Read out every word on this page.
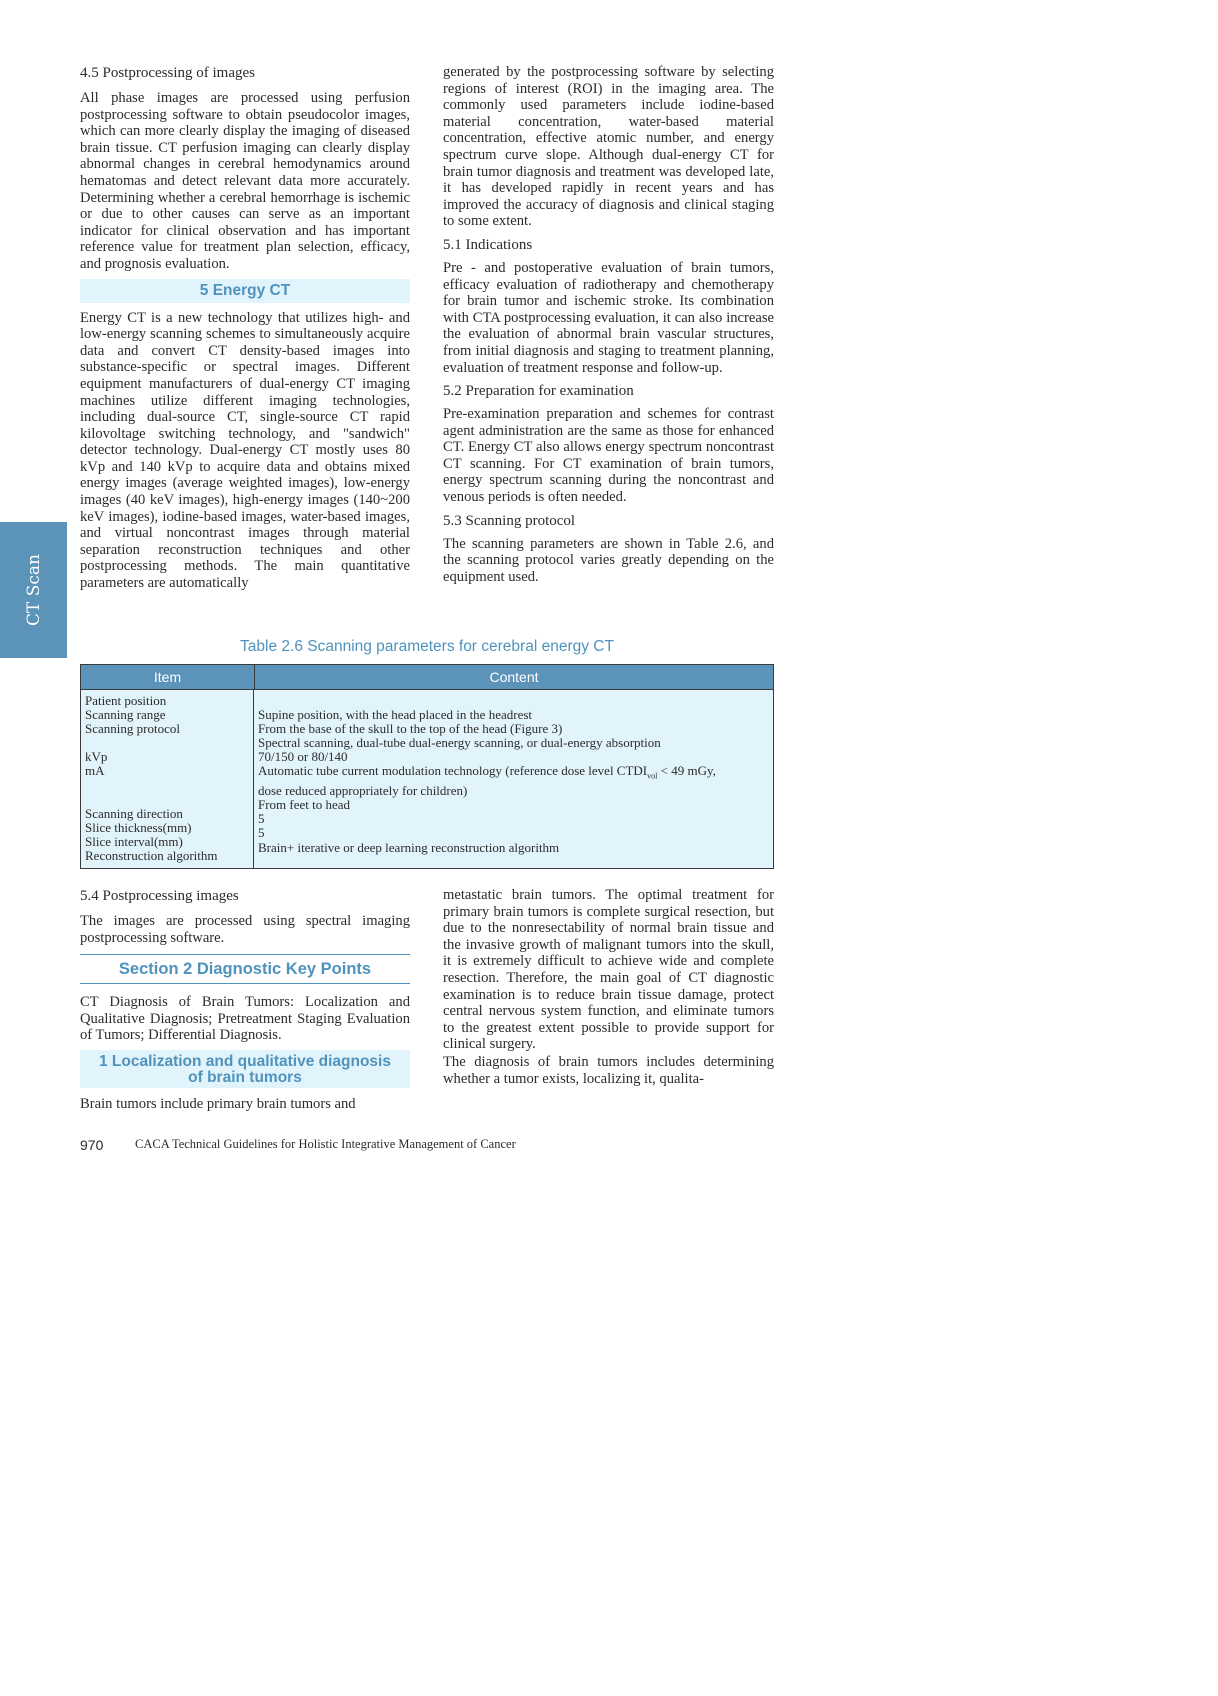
CT Scan

4.5 Postprocessing of images

All phase images are processed using perfusion postprocessing software to obtain pseudocolor images, which can more clearly display the imaging of diseased brain tissue. CT perfusion imaging can clearly display abnormal changes in cerebral hemodynamics around hematomas and detect relevant data more accurately. Determining whether a cerebral hemorrhage is ischemic or due to other causes can serve as an important indicator for clinical observation and has important reference value for treatment plan selection, efficacy, and prognosis evaluation.

5 Energy CT

Energy CT is a new technology that utilizes high- and low-energy scanning schemes to simultaneously acquire data and convert CT density-based images into substance-specific or spectral images. Different equipment manufacturers of dual-energy CT imaging machines utilize different imaging technologies, including dual-source CT, single-source CT rapid kilovoltage switching technology, and "sandwich" detector technology. Dual-energy CT mostly uses 80 kVp and 140 kVp to acquire data and obtains mixed energy images (average weighted images), low-energy images (40 keV images), high-energy images (140~200 keV images), iodine-based images, water-based images, and virtual noncontrast images through material separation reconstruction techniques and other postprocessing methods. The main quantitative parameters are automatically

generated by the postprocessing software by selecting regions of interest (ROI) in the imaging area. The commonly used parameters include iodine-based material concentration, water-based material concentration, effective atomic number, and energy spectrum curve slope. Although dual-energy CT for brain tumor diagnosis and treatment was developed late, it has developed rapidly in recent years and has improved the accuracy of diagnosis and clinical staging to some extent.

5.1 Indications

Pre - and postoperative evaluation of brain tumors, efficacy evaluation of radiotherapy and chemotherapy for brain tumor and ischemic stroke. Its combination with CTA postprocessing evaluation, it can also increase the evaluation of abnormal brain vascular structures, from initial diagnosis and staging to treatment planning, evaluation of treatment response and follow-up.

5.2 Preparation for examination

Pre-examination preparation and schemes for contrast agent administration are the same as those for enhanced CT. Energy CT also allows energy spectrum noncontrast CT scanning. For CT examination of brain tumors, energy spectrum scanning during the noncontrast and venous periods is often needed.

5.3 Scanning protocol

The scanning parameters are shown in Table 2.6, and the scanning protocol varies greatly depending on the equipment used.

Table 2.6 Scanning parameters for cerebral energy CT
Item	Content
Patient position
Scanning range
Scanning protocol

kVp
mA

Scanning direction
Slice thickness(mm)
Slice interval(mm)
Reconstruction algorithm

Supine position, with the head placed in the headrest
From the base of the skull to the top of the head (Figure 3)
Spectral scanning, dual-tube dual-energy scanning, or dual-energy absorption
70/150 or 80/140
Automatic tube current modulation technology (reference dose level $CTDI_{vol} < 49$ mGy,
dose reduced appropriately for children)
From feet to head
5
5
Brain+ iterative or deep learning reconstruction algorithm

5.4 Postprocessing images

The images are processed using spectral imaging postprocessing software.

Section 2 Diagnostic Key Points

CT Diagnosis of Brain Tumors: Localization and Qualitative Diagnosis; Pretreatment Staging Evaluation of Tumors; Differential Diagnosis.

1 Localization and qualitative diagnosis of brain tumors

Brain tumors include primary brain tumors and

metastatic brain tumors. The optimal treatment for primary brain tumors is complete surgical resection, but due to the nonresectability of normal brain tissue and the invasive growth of malignant tumors into the skull, it is extremely difficult to achieve wide and complete resection. Therefore, the main goal of CT diagnostic examination is to reduce brain tissue damage, protect central nervous system function, and eliminate tumors to the greatest extent possible to provide support for clinical surgery.

The diagnosis of brain tumors includes determining whether a tumor exists, localizing it, qualita-

970	CACA Technical Guidelines for Holistic Integrative Management of Cancer
